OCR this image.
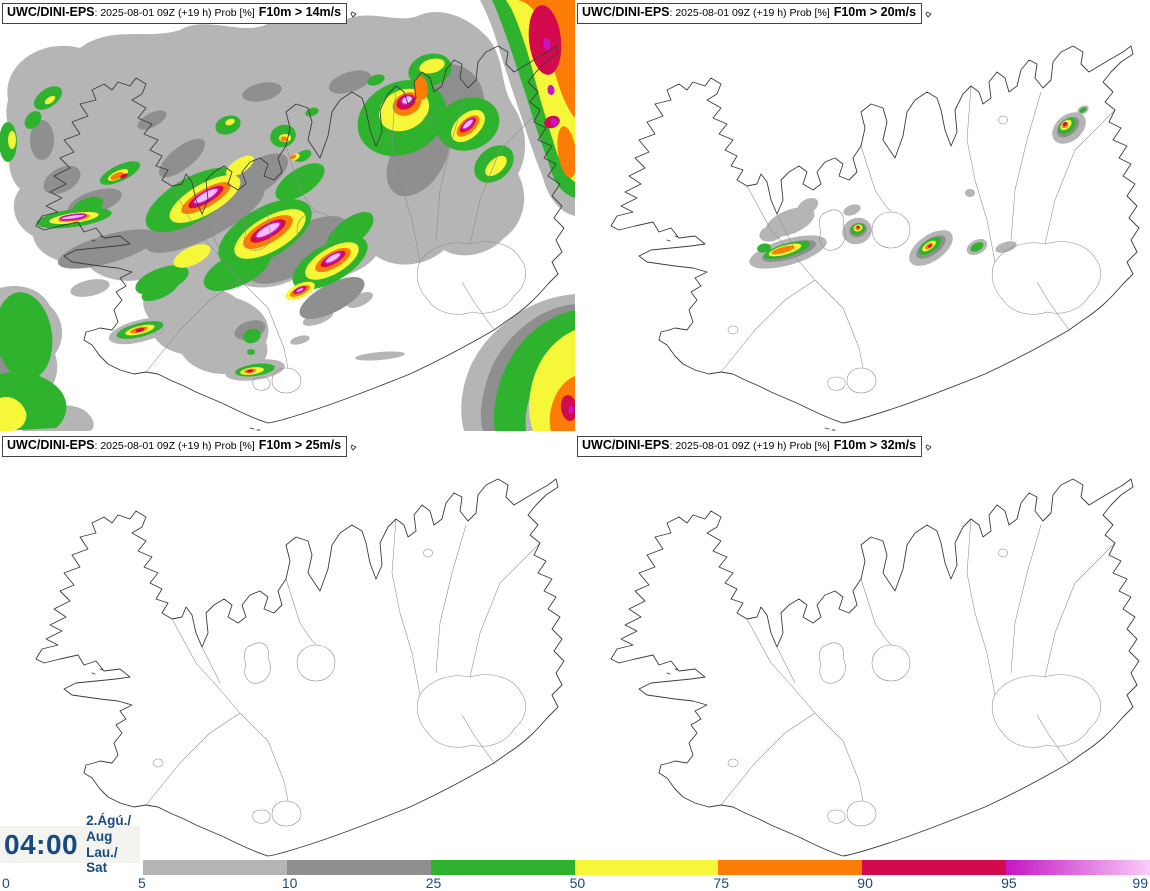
UWC/DINI-EPS: 2025-08-01 09Z (+19 h) Prob [%] F10m > 14m/s	UWC/DINI-EPS: 2025-08-01 09Z (+19 h) Prob [%] F10m > 20m/s
UWC/DINI-EPS: 2025-08-01 09Z (+19 h) Prob [%] F10m > 25m/s	UWC/DINI-EPS: 2025-08-01 09Z (+19 h) Prob [%] F10m > 32m/s
04:00
2.Ágú./ Aug
Lau./ Sat
0	5	10	25	50	75	90	95	99
